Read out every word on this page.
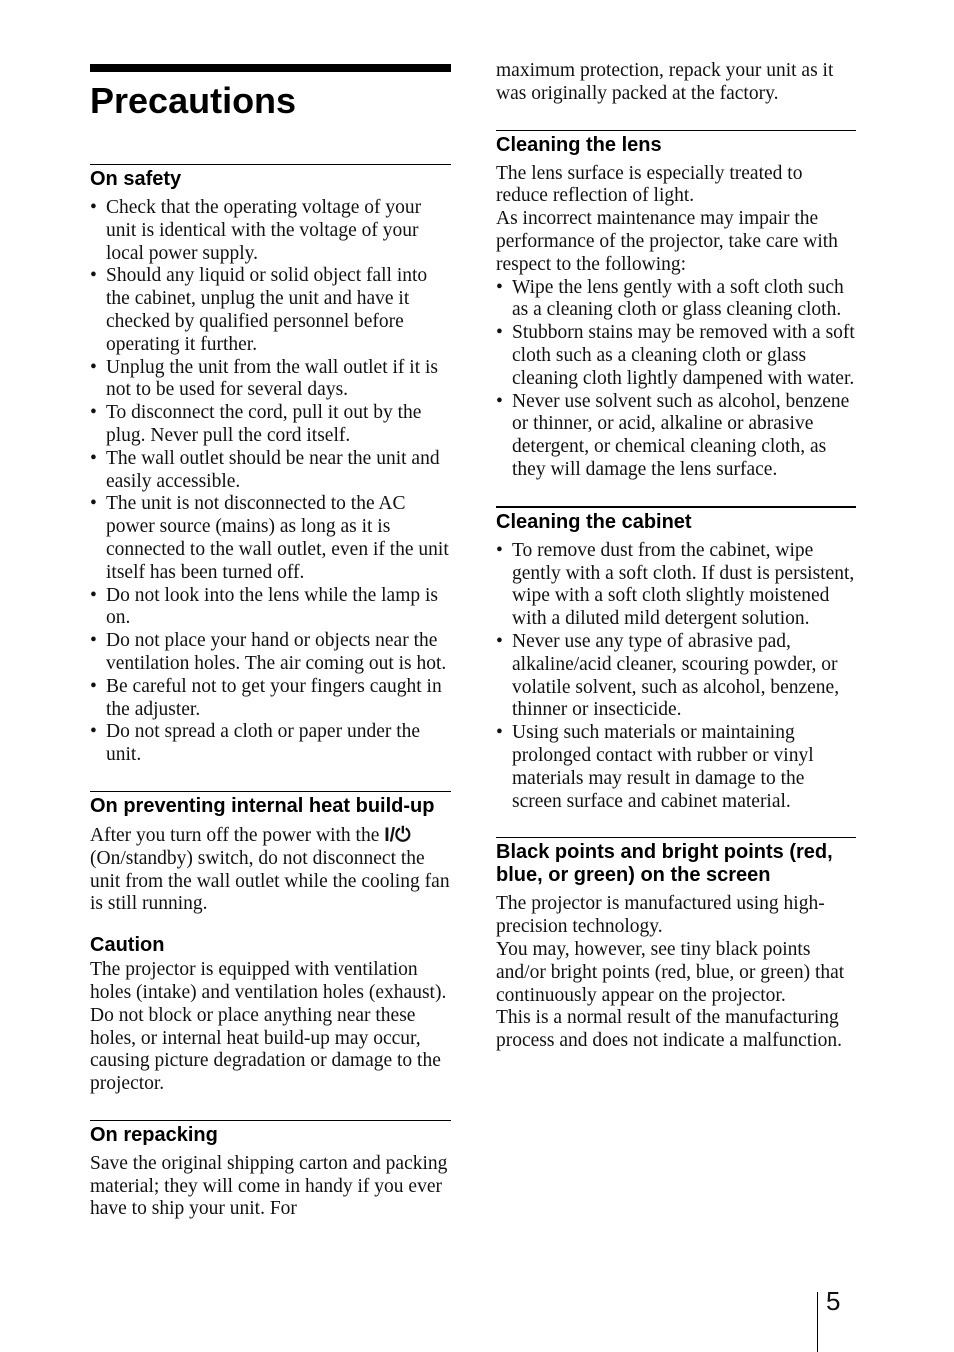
Precautions
On safety
• Check that the operating voltage of your unit is identical with the voltage of your local power supply.
• Should any liquid or solid object fall into the cabinet, unplug the unit and have it checked by qualified personnel before operating it further.
• Unplug the unit from the wall outlet if it is not to be used for several days.
• To disconnect the cord, pull it out by the plug. Never pull the cord itself.
• The wall outlet should be near the unit and easily accessible.
• The unit is not disconnected to the AC power source (mains) as long as it is connected to the wall outlet, even if the unit itself has been turned off.
• Do not look into the lens while the lamp is on.
• Do not place your hand or objects near the ventilation holes. The air coming out is hot.
• Be careful not to get your fingers caught in the adjuster.
• Do not spread a cloth or paper under the unit.
On preventing internal heat build-up

After you turn off the power with the I/⏻ (On/standby) switch, do not disconnect the unit from the wall outlet while the cooling fan is still running.

Caution

The projector is equipped with ventilation holes (intake) and ventilation holes (exhaust). Do not block or place anything near these holes, or internal heat build-up may occur, causing picture degradation or damage to the projector.

On repacking

Save the original shipping carton and packing material; they will come in handy if you ever have to ship your unit. For

maximum protection, repack your unit as it was originally packed at the factory.

Cleaning the lens

The lens surface is especially treated to reduce reflection of light.

As incorrect maintenance may impair the performance of the projector, take care with respect to the following:

• Wipe the lens gently with a soft cloth such as a cleaning cloth or glass cleaning cloth.
• Stubborn stains may be removed with a soft cloth such as a cleaning cloth or glass cleaning cloth lightly dampened with water.
• Never use solvent such as alcohol, benzene or thinner, or acid, alkaline or abrasive detergent, or chemical cleaning cloth, as they will damage the lens surface.
Cleaning the cabinet
• To remove dust from the cabinet, wipe gently with a soft cloth. If dust is persistent, wipe with a soft cloth slightly moistened with a diluted mild detergent solution.
• Never use any type of abrasive pad, alkaline/acid cleaner, scouring powder, or volatile solvent, such as alcohol, benzene, thinner or insecticide.
• Using such materials or maintaining prolonged contact with rubber or vinyl materials may result in damage to the screen surface and cabinet material.
Black points and bright points (red, blue, or green) on the screen

The projector is manufactured using high-precision technology.

You may, however, see tiny black points and/or bright points (red, blue, or green) that continuously appear on the projector.

This is a normal result of the manufacturing process and does not indicate a malfunction.

5
